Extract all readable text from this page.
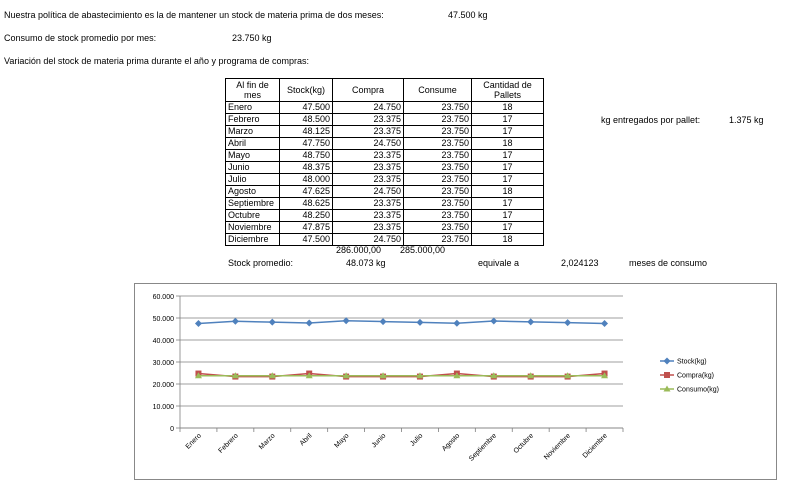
Nuestra política de abastecimiento es la de mantener un stock de materia prima de dos meses:	47.500 kg
Consumo de stock promedio por mes:	23.750 kg
Variación del stock de materia prima durante el año y programa de compras:
Al fin de mes	Stock(kg)	Compra	Consume	Cantidad de Pallets
Enero	47.500	24.750	23.750	18
Febrero	48.500	23.375	23.750	17
Marzo	48.125	23.375	23.750	17
Abril	47.750	24.750	23.750	18
Mayo	48.750	23.375	23.750	17
Junio	48.375	23.375	23.750	17
Julio	48.000	23.375	23.750	17
Agosto	47.625	24.750	23.750	18
Septiembre	48.625	23.375	23.750	17
Octubre	48.250	23.375	23.750	17
Noviembre	47.875	23.375	23.750	17
Diciembre	47.500	24.750	23.750	18
286.000,00 285.000,00
Stock promedio:	48.073 kg	equivale a	2,024123	meses de consumo
kg entregados por pallet:	1.375 kg
0
10.000
20.000
30.000
40.000
50.000
60.000
Enero Febrero	Marzo	Abril	Mayo	Junio	Julio Agosto Septiembre Octubre Noviembre Diciembre
Stock(kg)
Compra(kg)
Consumo(kg)
